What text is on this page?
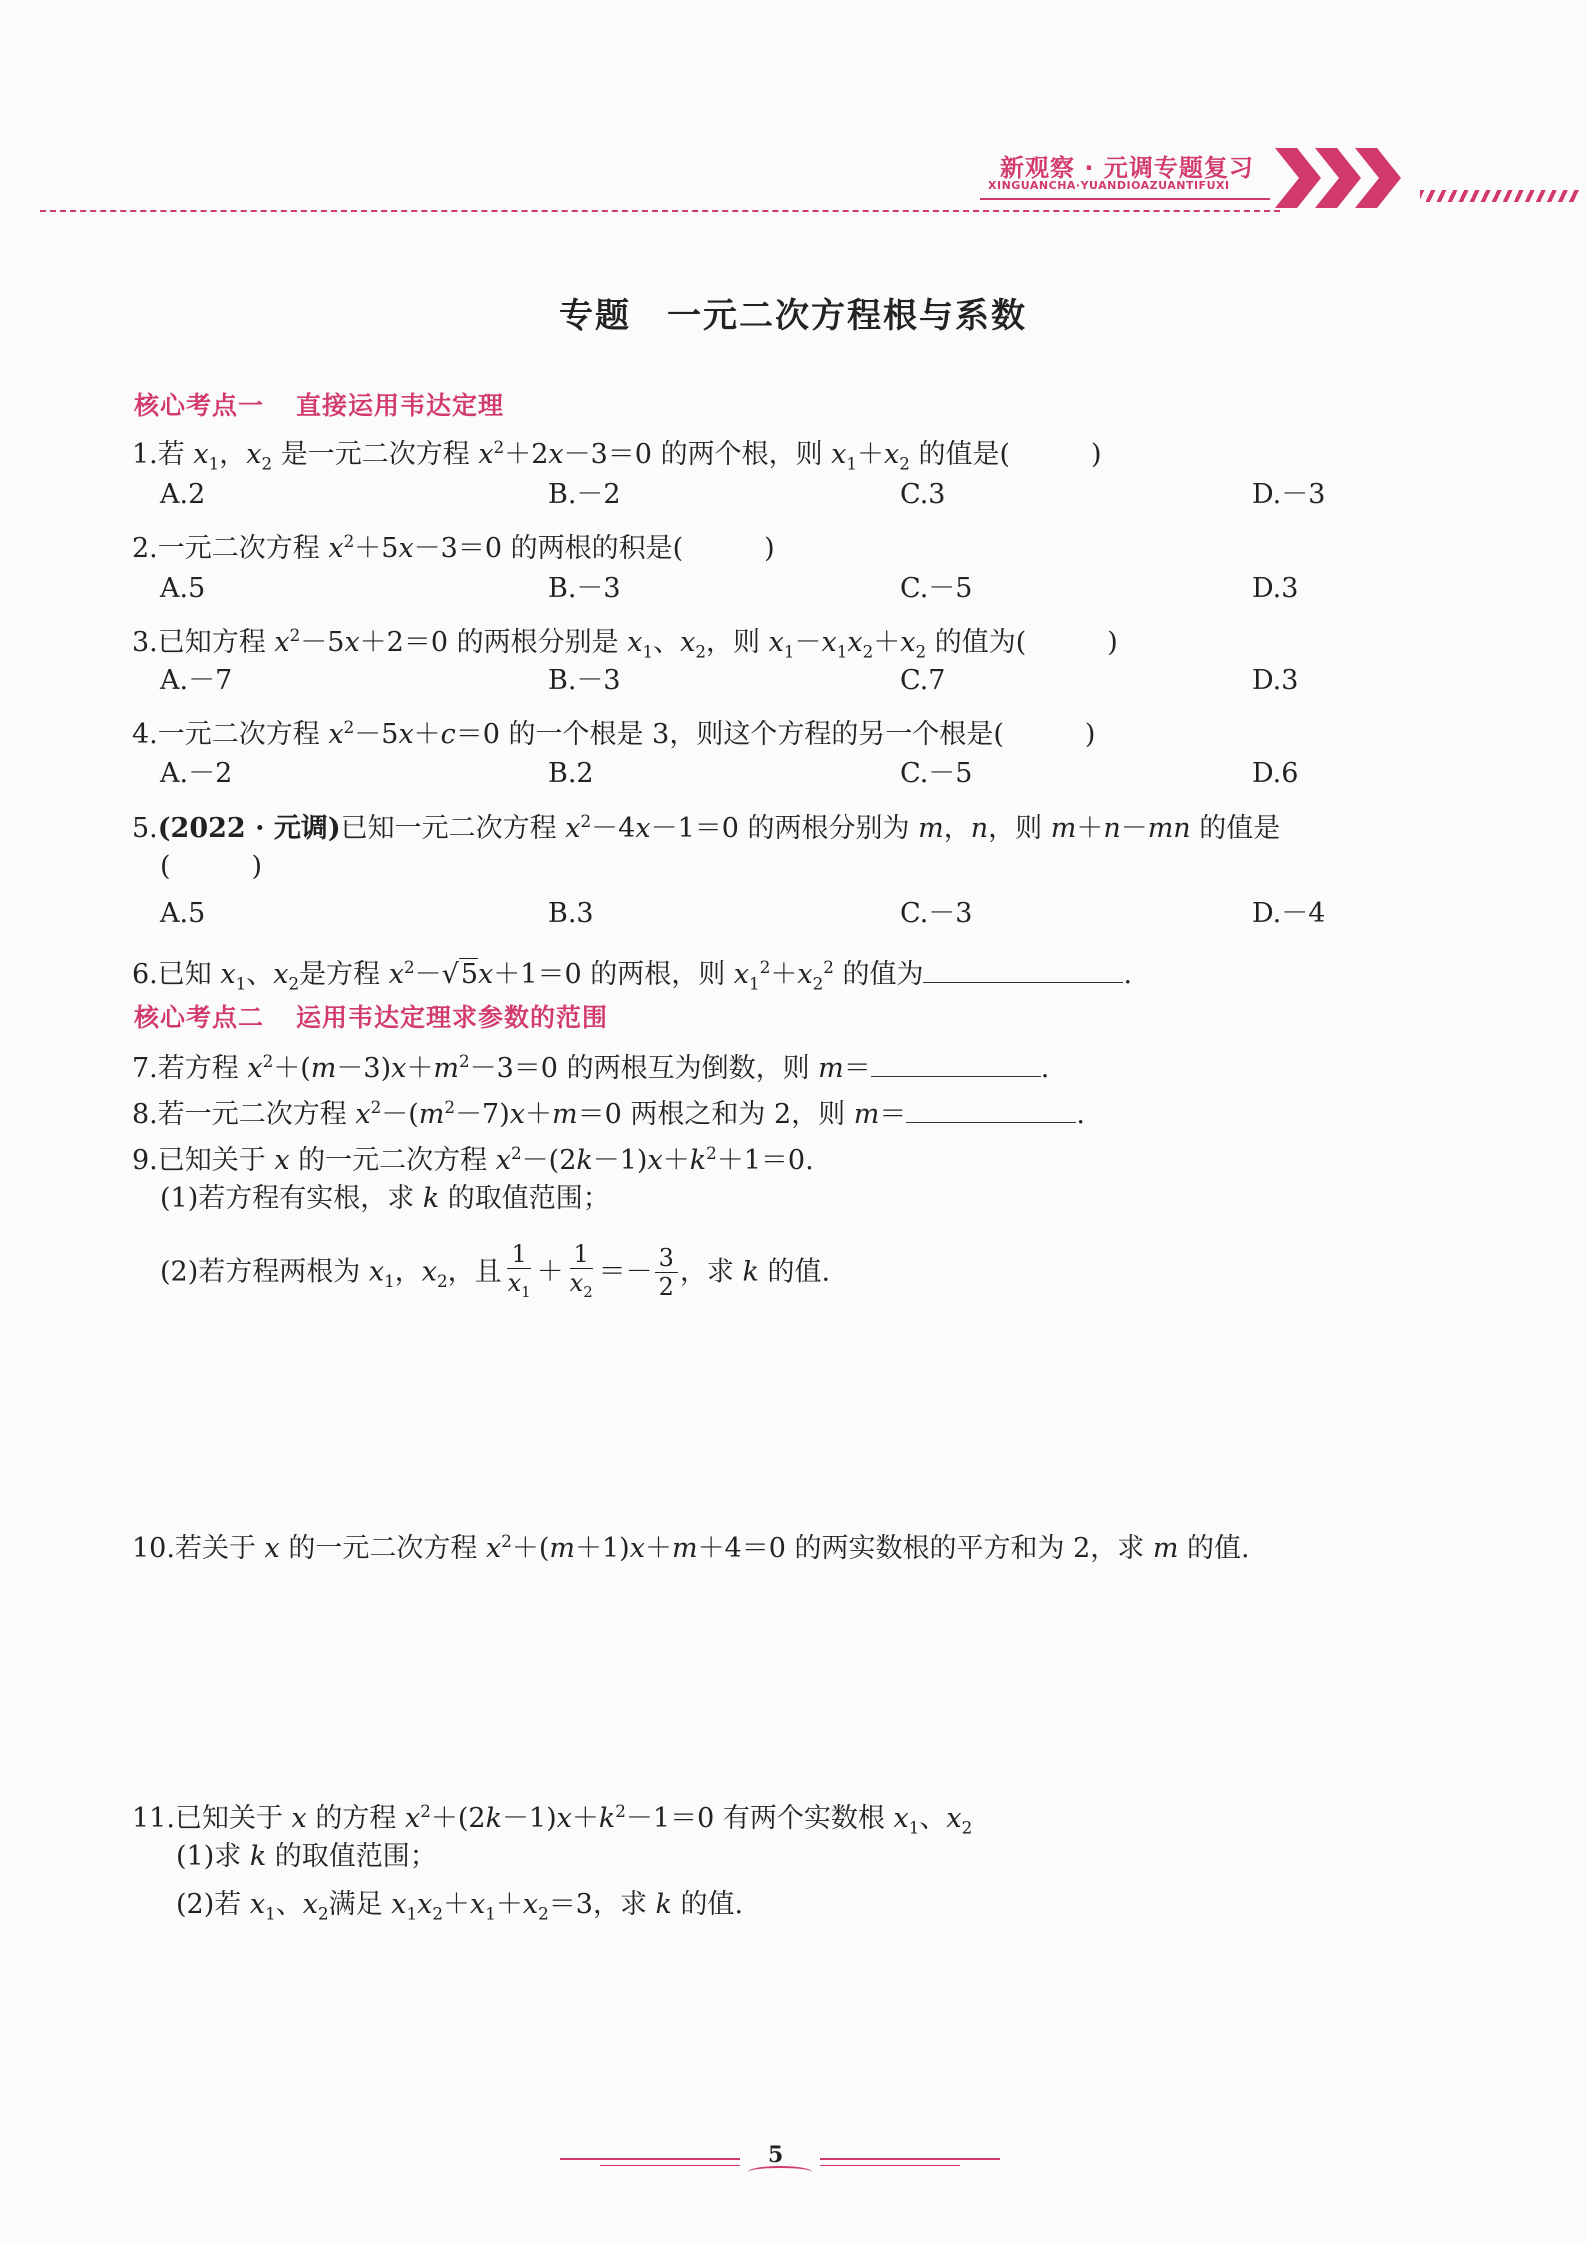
新观察 · 元调专题复习
XINGUANCHA·YUANDIOAZUANTIFUXI
专题 一元二次方程根与系数
核心考点一 直接运用韦达定理
1.若 $x_1$，$x_2$ 是一元二次方程 $x^2+2x-3=0$ 的两个根，则 $x_1+x_2$ 的值是(　　　)
A.2	B.－2	C.3	D.－3
2.一元二次方程 $x^2+5x-3=0$ 的两根的积是(　　　)
A.5	B.－3	C.－5	D.3
3.已知方程 $x^2-5x+2=0$ 的两根分别是 $x_1$、$x_2$，则 $x_1-x_1x_2+x_2$ 的值为(　　　)
A.－7	B.－3	C.7	D.3
4.一元二次方程 $x^2-5x+c=0$ 的一个根是 3，则这个方程的另一个根是(　　　)
A.－2	B.2	C.－5	D.6
5.(2022 · 元调)已知一元二次方程 $x^2-4x-1=0$ 的两根分别为 m，n，则 m＋n－mn 的值是
(　　　)
A.5	B.3	C.－3	D.－4
6.已知 $x_1$、$x_2$是方程 $x^2-√5x+1=0$ 的两根，则 $x_1^2+x_2^2$ 的值为	.
核心考点二 运用韦达定理求参数的范围
7.若方程 $x^2+(m-3)x+m^2-3=0$ 的两根互为倒数，则 m＝	.
8.若一元二次方程 $x^2-(m^2-7)x+m=0$ 两根之和为 2，则 m＝	.
9.已知关于 x 的一元二次方程 $x^2-(2k-1)x+k^2+1=0$.
(1)若方程有实根，求 k 的取值范围；
(2)若方程两根为 $x_1$，$x_2$，且 $\frac{1}{x_1} + \frac{1}{x_2} =- \frac{3}{2}$ ，求 k 的值.
10.若关于 x 的一元二次方程 $x^2+(m+1)x+m+4=0$ 的两实数根的平方和为 2，求 m 的值.
11.已知关于 x 的方程 $x^2+(2k-1)x+k^2-1=0$ 有两个实数根 $x_1$、$x_2$
(1)求 k 的取值范围；
(2)若 $x_1$、$x_2$满足 $x_1x_2+x_1+x_2=3$，求 k 的值.
5
